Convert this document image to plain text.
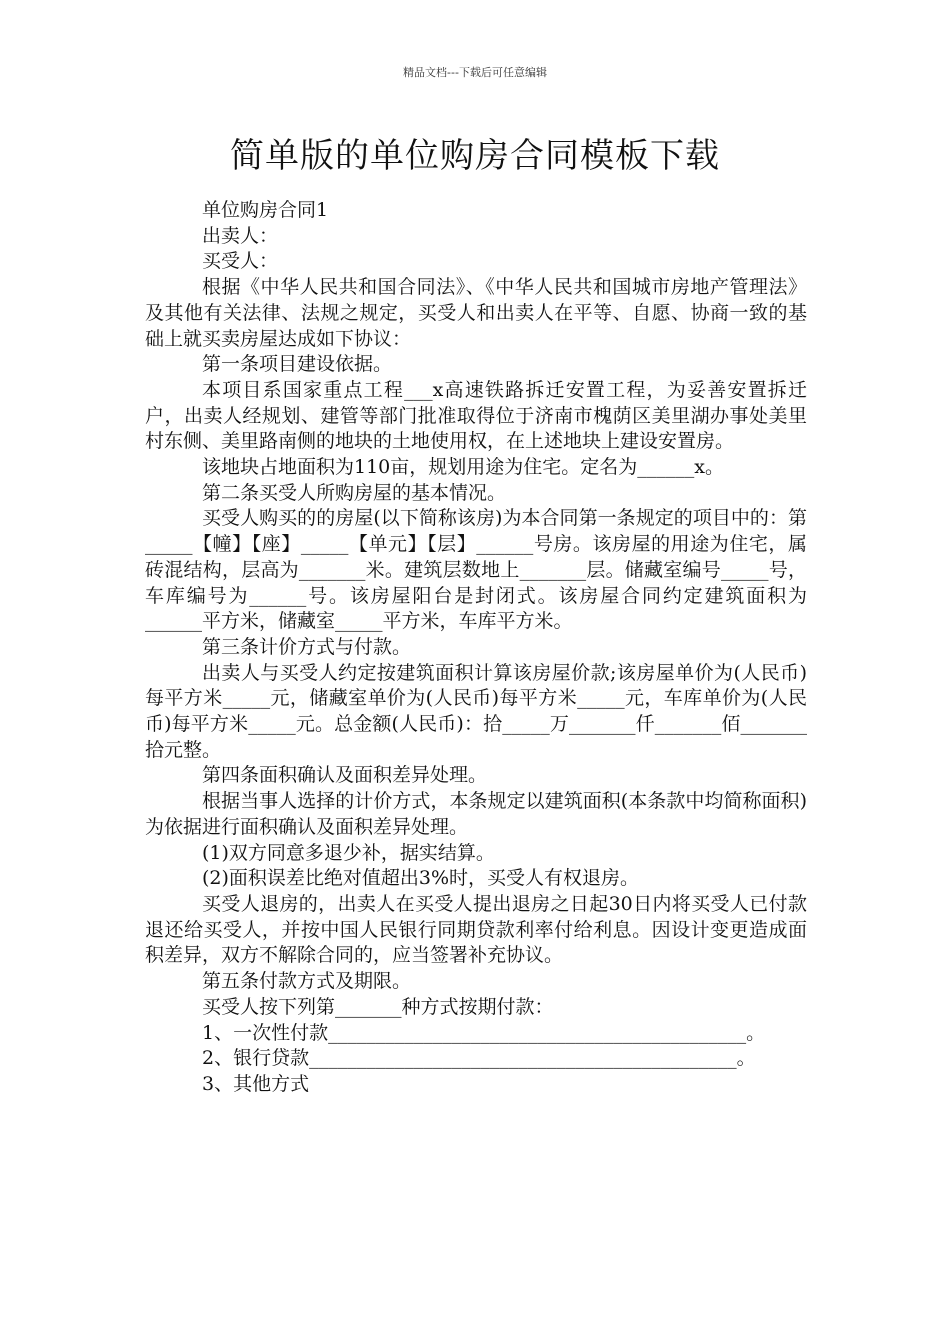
精品文档---下载后可任意编辑
简单版的单位购房合同模板下载

单位购房合同1

出卖人：

买受人：

根据《中华人民共和国合同法》、《中华人民共和国城市房地产管理法》及其他有关法律、法规之规定，买受人和出卖人在平等、自愿、协商一致的基础上就买卖房屋达成如下协议：

第一条项目建设依据。

本项目系国家重点工程___x高速铁路拆迁安置工程，为妥善安置拆迁户，出卖人经规划、建管等部门批准取得位于济南市槐荫区美里湖办事处美里村东侧、美里路南侧的地块的土地使用权，在上述地块上建设安置房。

该地块占地面积为110亩，规划用途为住宅。定名为______x。

第二条买受人所购房屋的基本情况。

买受人购买的的房屋(以下简称该房)为本合同第一条规定的项目中的：第_____【幢】【座】_____【单元】【层】______号房。该房屋的用途为住宅，属砖混结构，层高为_______米。建筑层数地上_______层。储藏室编号_____号，车库编号为______号。该房屋阳台是封闭式。该房屋合同约定建筑面积为______平方米，储藏室_____平方米，车库平方米。

第三条计价方式与付款。

出卖人与买受人约定按建筑面积计算该房屋价款;该房屋单价为(人民币)每平方米_____元，储藏室单价为(人民币)每平方米_____元，车库单价为(人民币)每平方米_____元。总金额(人民币)：拾_____万_______仟_______佰_______拾元整。

第四条面积确认及面积差异处理。

根据当事人选择的计价方式，本条规定以建筑面积(本条款中均简称面积)为依据进行面积确认及面积差异处理。

(1)双方同意多退少补，据实结算。

(2)面积误差比绝对值超出3%时，买受人有权退房。

买受人退房的，出卖人在买受人提出退房之日起30日内将买受人已付款退还给买受人，并按中国人民银行同期贷款利率付给利息。因设计变更造成面积差异，双方不解除合同的，应当签署补充协议。

第五条付款方式及期限。

买受人按下列第_______种方式按期付款：

1、一次性付款____________________________________________。

2、银行贷款_____________________________________________。

3、其他方式
